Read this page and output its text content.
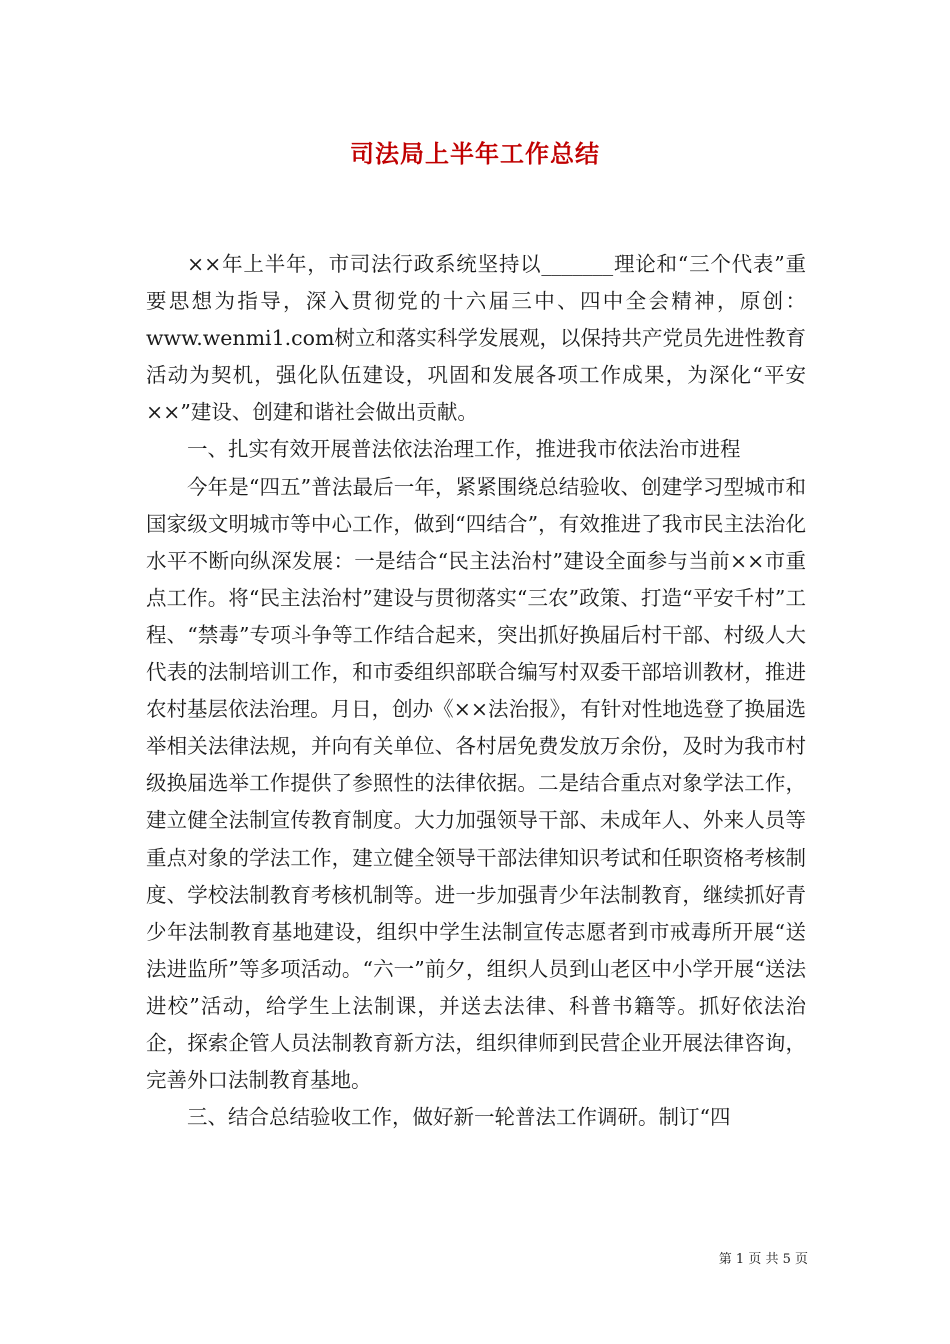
司法局上半年工作总结

××年上半年，市司法行政系统坚持以_______理论和“三个代表”重要思想为指导，深入贯彻党的十六届三中、四中全会精神，原创：www.wenmi1.com树立和落实科学发展观，以保持共产党员先进性教育活动为契机，强化队伍建设，巩固和发展各项工作成果，为深化“平安××”建设、创建和谐社会做出贡献。

一、扎实有效开展普法依法治理工作，推进我市依法治市进程

今年是“四五”普法最后一年，紧紧围绕总结验收、创建学习型城市和国家级文明城市等中心工作，做到“四结合”，有效推进了我市民主法治化水平不断向纵深发展：一是结合“民主法治村”建设全面参与当前××市重点工作。将“民主法治村”建设与贯彻落实“三农”政策、打造“平安千村”工程、“禁毒”专项斗争等工作结合起来，突出抓好换届后村干部、村级人大代表的法制培训工作，和市委组织部联合编写村双委干部培训教材，推进农村基层依法治理。月日，创办《××法治报》，有针对性地选登了换届选举相关法律法规，并向有关单位、各村居免费发放万余份，及时为我市村级换届选举工作提供了参照性的法律依据。二是结合重点对象学法工作，建立健全法制宣传教育制度。大力加强领导干部、未成年人、外来人员等重点对象的学法工作，建立健全领导干部法律知识考试和任职资格考核制度、学校法制教育考核机制等。进一步加强青少年法制教育，继续抓好青少年法制教育基地建设，组织中学生法制宣传志愿者到市戒毒所开展“送法进监所”等多项活动。“六一”前夕，组织人员到山老区中小学开展“送法进校”活动，给学生上法制课，并送去法律、科普书籍等。抓好依法治企，探索企管人员法制教育新方法，组织律师到民营企业开展法律咨询，完善外口法制教育基地。

三、结合总结验收工作，做好新一轮普法工作调研。制订“四

第 1 页 共 5 页
